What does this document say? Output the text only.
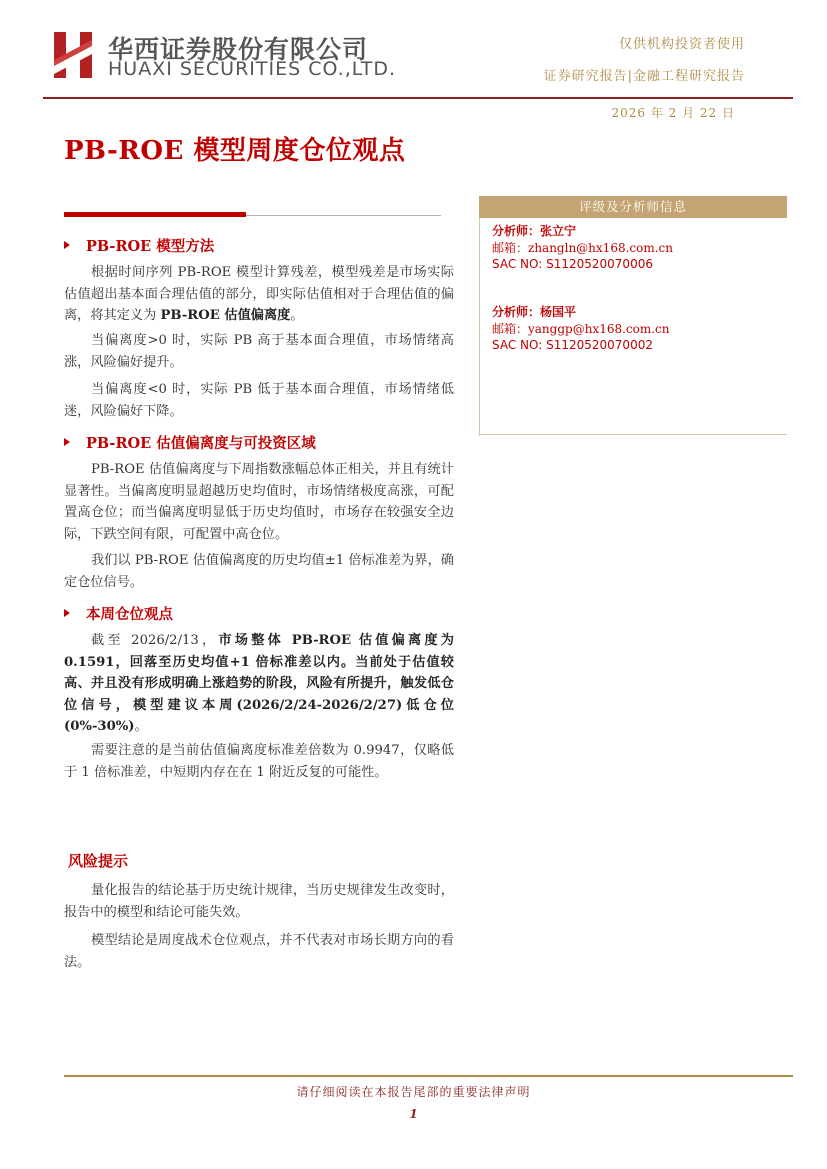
华西证券股份有限公司
HUAXI SECURITIES CO.,LTD.
仅供机构投资者使用
证券研究报告|金融工程研究报告
2026 年 2 月 22 日
PB-ROE 模型周度仓位观点
PB-ROE 模型方法
根据时间序列 PB-ROE 模型计算残差，模型残差是市场实际估值超出基本面合理估值的部分，即实际估值相对于合理估值的偏离，将其定义为 PB-ROE 估值偏离度。
当偏离度>0 时，实际 PB 高于基本面合理值，市场情绪高涨，风险偏好提升。
当偏离度<0 时，实际 PB 低于基本面合理值，市场情绪低迷，风险偏好下降。
PB-ROE 估值偏离度与可投资区域
PB-ROE 估值偏离度与下周指数涨幅总体正相关，并且有统计显著性。当偏离度明显超越历史均值时，市场情绪极度高涨，可配置高仓位；而当偏离度明显低于历史均值时，市场存在较强安全边际，下跌空间有限，可配置中高仓位。
我们以 PB-ROE 估值偏离度的历史均值±1 倍标准差为界，确定仓位信号。
本周仓位观点
截至 2026/2/13，市场整体 PB-ROE 估值偏离度为 0.1591，回落至历史均值+1 倍标准差以内。当前处于估值较高、并且没有形成明确上涨趋势的阶段，风险有所提升，触发低仓位信号，模型建议本周(2026/2/24-2026/2/27)低仓位(0%-30%)。
需要注意的是当前估值偏离度标准差倍数为 0.9947，仅略低于 1 倍标准差，中短期内存在在 1 附近反复的可能性。
风险提示
量化报告的结论基于历史统计规律，当历史规律发生改变时，报告中的模型和结论可能失效。
模型结论是周度战术仓位观点，并不代表对市场长期方向的看法。
评级及分析师信息
分析师：张立宁
邮箱：zhangln@hx168.com.cn
SAC NO: S1120520070006
分析师：杨国平
邮箱：yanggp@hx168.com.cn
SAC NO: S1120520070002
请仔细阅读在本报告尾部的重要法律声明
1
